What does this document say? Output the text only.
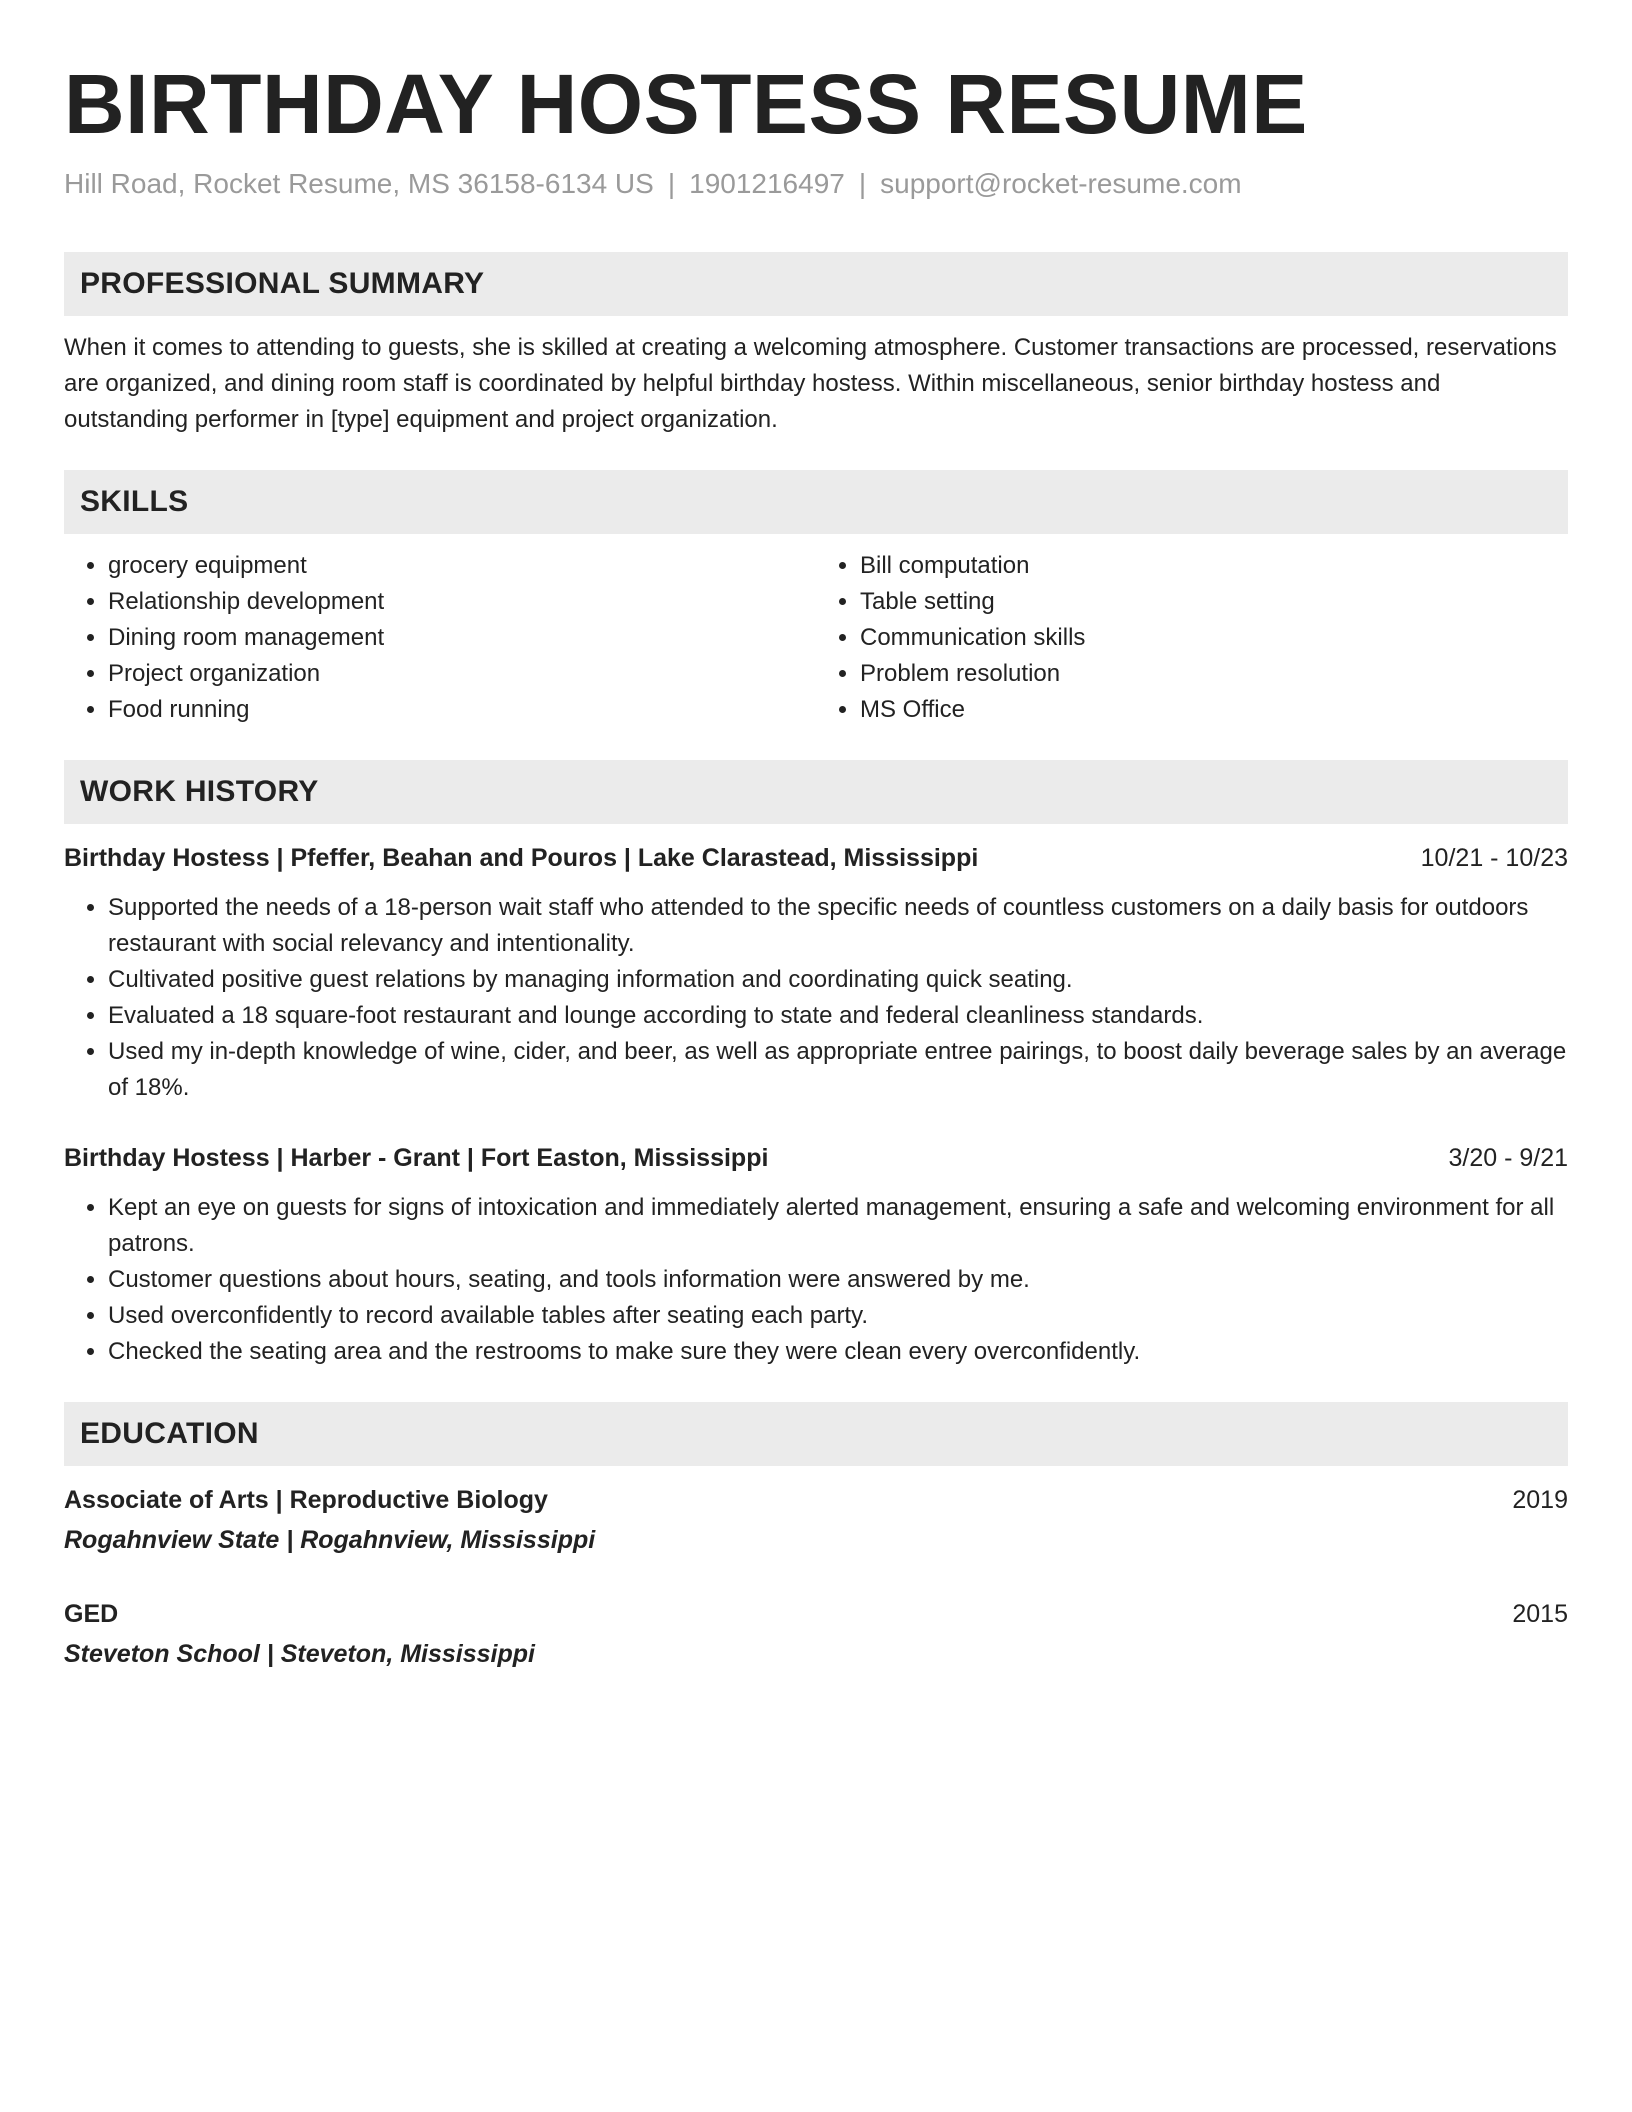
BIRTHDAY HOSTESS RESUME
Hill Road, Rocket Resume, MS 36158-6134 US | 1901216497 | support@rocket-resume.com
PROFESSIONAL SUMMARY
When it comes to attending to guests, she is skilled at creating a welcoming atmosphere. Customer transactions are processed, reservations are organized, and dining room staff is coordinated by helpful birthday hostess. Within miscellaneous, senior birthday hostess and outstanding performer in [type] equipment and project organization.
SKILLS
• grocery equipment
• Relationship development
• Dining room management
• Project organization
• Food running
• Bill computation
• Table setting
• Communication skills
• Problem resolution
• MS Office
WORK HISTORY
Birthday Hostess | Pfeffer, Beahan and Pouros | Lake Clarastead, Mississippi	10/21 - 10/23
• Supported the needs of a 18-person wait staff who attended to the specific needs of countless customers on a daily basis for outdoors restaurant with social relevancy and intentionality.
• Cultivated positive guest relations by managing information and coordinating quick seating.
• Evaluated a 18 square-foot restaurant and lounge according to state and federal cleanliness standards.
• Used my in-depth knowledge of wine, cider, and beer, as well as appropriate entree pairings, to boost daily beverage sales by an average of 18%.
Birthday Hostess | Harber - Grant | Fort Easton, Mississippi	3/20 - 9/21
• Kept an eye on guests for signs of intoxication and immediately alerted management, ensuring a safe and welcoming environment for all patrons.
• Customer questions about hours, seating, and tools information were answered by me.
• Used overconfidently to record available tables after seating each party.
• Checked the seating area and the restrooms to make sure they were clean every overconfidently.
EDUCATION
Associate of Arts | Reproductive Biology	2019
Rogahnview State | Rogahnview, Mississippi
GED	2015
Steveton School | Steveton, Mississippi
